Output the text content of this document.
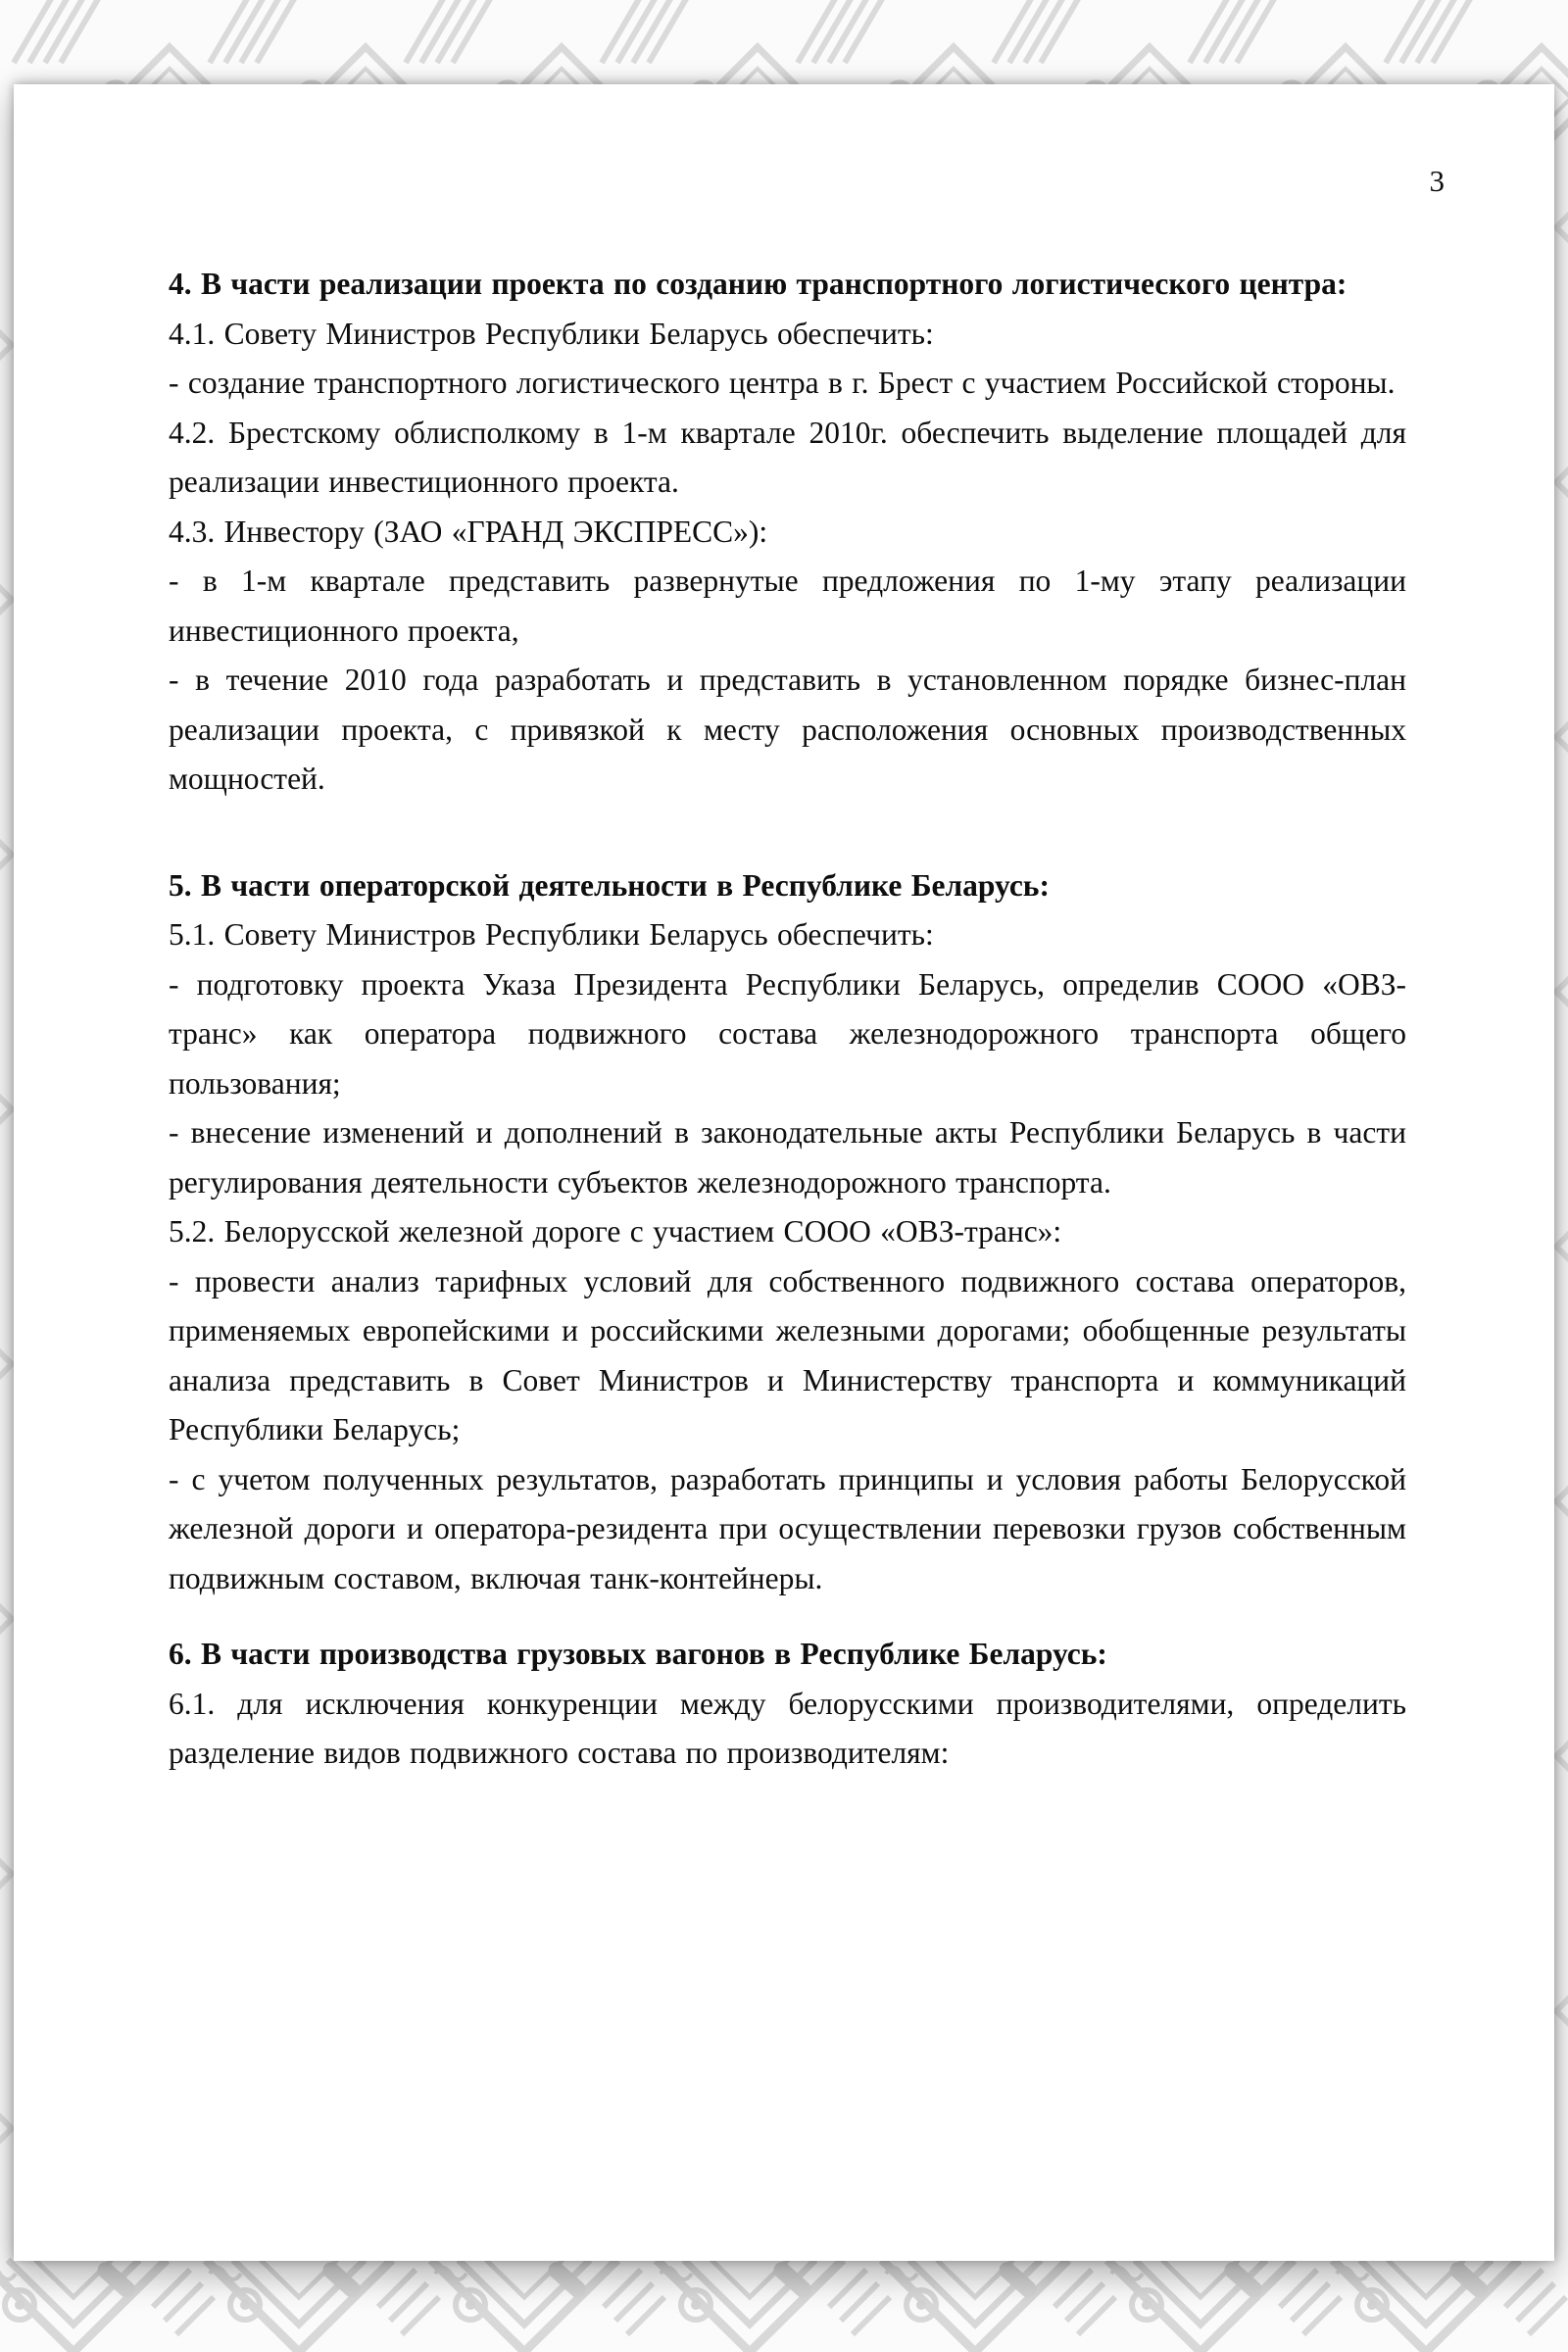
3

4. В части реализации проекта по созданию транспортного логистического центра:

4.1. Совету Министров Республики Беларусь обеспечить:

- создание транспортного логистического центра в г. Брест с участием Российской стороны.

4.2. Брестскому облисполкому в 1-м квартале 2010г. обеспечить выделение площадей для реализации инвестиционного проекта.

4.3. Инвестору (ЗАО «ГРАНД ЭКСПРЕСС»):

- в 1-м квартале представить развернутые предложения по 1-му этапу реализации инвестиционного проекта,

- в течение 2010 года разработать и представить в установленном порядке бизнес-план реализации проекта, с привязкой к месту расположения основных производственных мощностей.

5. В части операторской деятельности в Республике Беларусь:

5.1. Совету Министров Республики Беларусь обеспечить:

- подготовку проекта Указа Президента Республики Беларусь, определив СООО «ОВЗ-транс» как оператора подвижного состава железнодорожного транспорта общего пользования;

- внесение изменений и дополнений в законодательные акты Республики Беларусь в части регулирования деятельности субъектов железнодорожного транспорта.

5.2. Белорусской железной дороге с участием СООО «ОВЗ-транс»:

- провести анализ тарифных условий для собственного подвижного состава операторов, применяемых европейскими и российскими железными дорогами; обобщенные результаты анализа представить в Совет Министров и Министерству транспорта и коммуникаций Республики Беларусь;

- с учетом полученных результатов, разработать принципы и условия работы Белорусской железной дороги и оператора-резидента при осуществлении перевозки грузов собственным подвижным составом, включая танк-контейнеры.

6. В части производства грузовых вагонов в Республике Беларусь:

6.1. для исключения конкуренции между белорусскими производителями, определить разделение видов подвижного состава по производителям:
